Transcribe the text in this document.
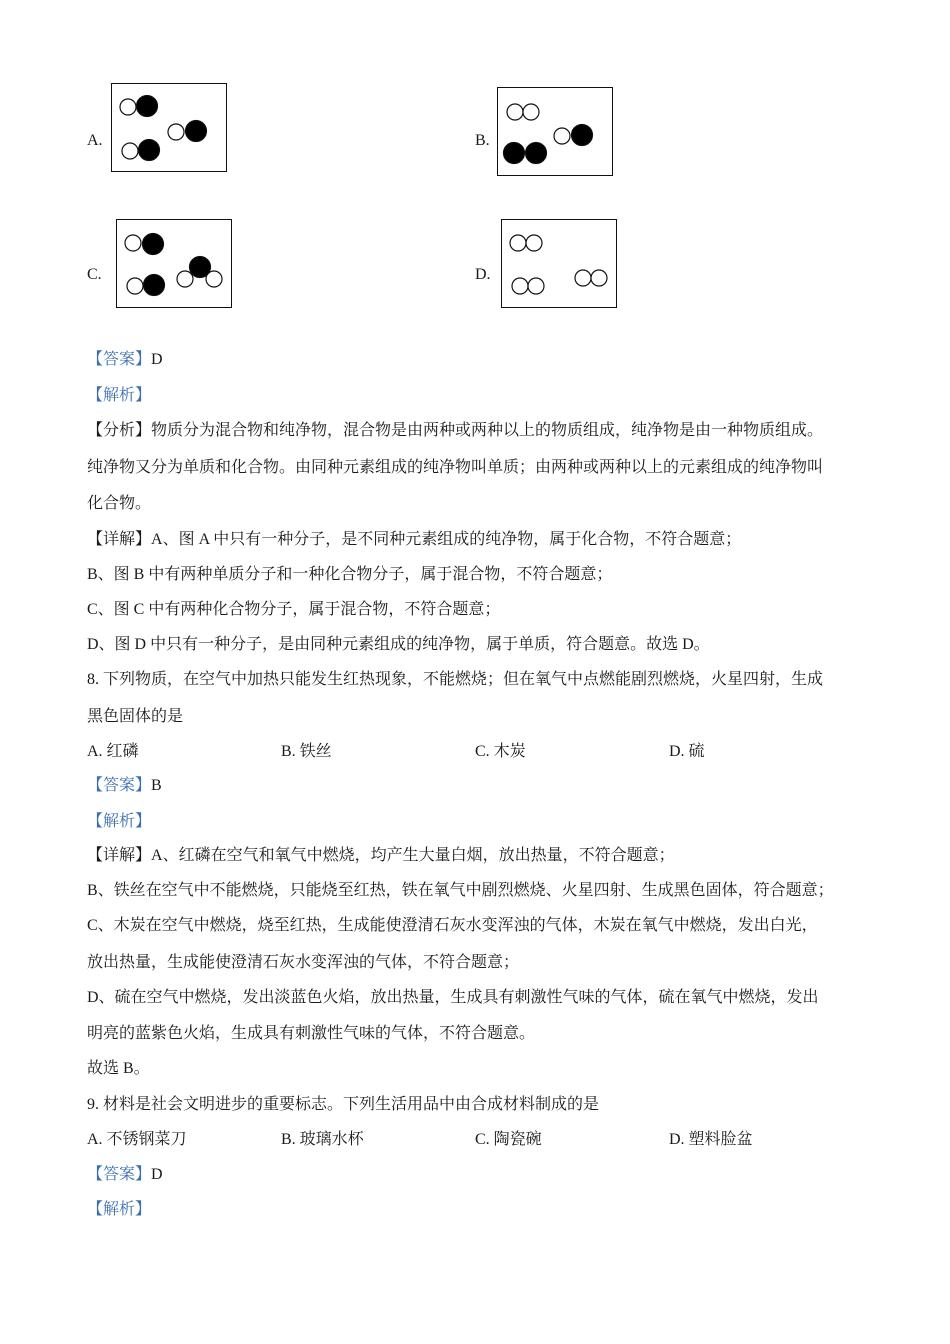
A.	B.
C.	D.
【答案】D
【解析】
【分析】物质分为混合物和纯净物，混合物是由两种或两种以上的物质组成，纯净物是由一种物质组成。
纯净物又分为单质和化合物。由同种元素组成的纯净物叫单质；由两种或两种以上的元素组成的纯净物叫
化合物。
【详解】A、图 A 中只有一种分子，是不同种元素组成的纯净物，属于化合物，不符合题意；
B、图 B 中有两种单质分子和一种化合物分子，属于混合物，不符合题意；
C、图 C 中有两种化合物分子，属于混合物，不符合题意；
D、图 D 中只有一种分子，是由同种元素组成的纯净物，属于单质，符合题意。故选 D。
8. 下列物质，在空气中加热只能发生红热现象，不能燃烧；但在氧气中点燃能剧烈燃烧，火星四射，生成
黑色固体的是
A. 红磷	B. 铁丝	C. 木炭	D. 硫
【答案】B
【解析】
【详解】A、红磷在空气和氧气中燃烧，均产生大量白烟，放出热量，不符合题意；
B、铁丝在空气中不能燃烧，只能烧至红热，铁在氧气中剧烈燃烧、火星四射、生成黑色固体，符合题意；
C、木炭在空气中燃烧，烧至红热，生成能使澄清石灰水变浑浊的气体，木炭在氧气中燃烧，发出白光，
放出热量，生成能使澄清石灰水变浑浊的气体，不符合题意；
D、硫在空气中燃烧，发出淡蓝色火焰，放出热量，生成具有刺激性气味的气体，硫在氧气中燃烧，发出
明亮的蓝紫色火焰，生成具有刺激性气味的气体，不符合题意。
故选 B。
9. 材料是社会文明进步的重要标志。下列生活用品中由合成材料制成的是
A. 不锈钢菜刀	B. 玻璃水杯	C. 陶瓷碗	D. 塑料脸盆
【答案】D
【解析】
